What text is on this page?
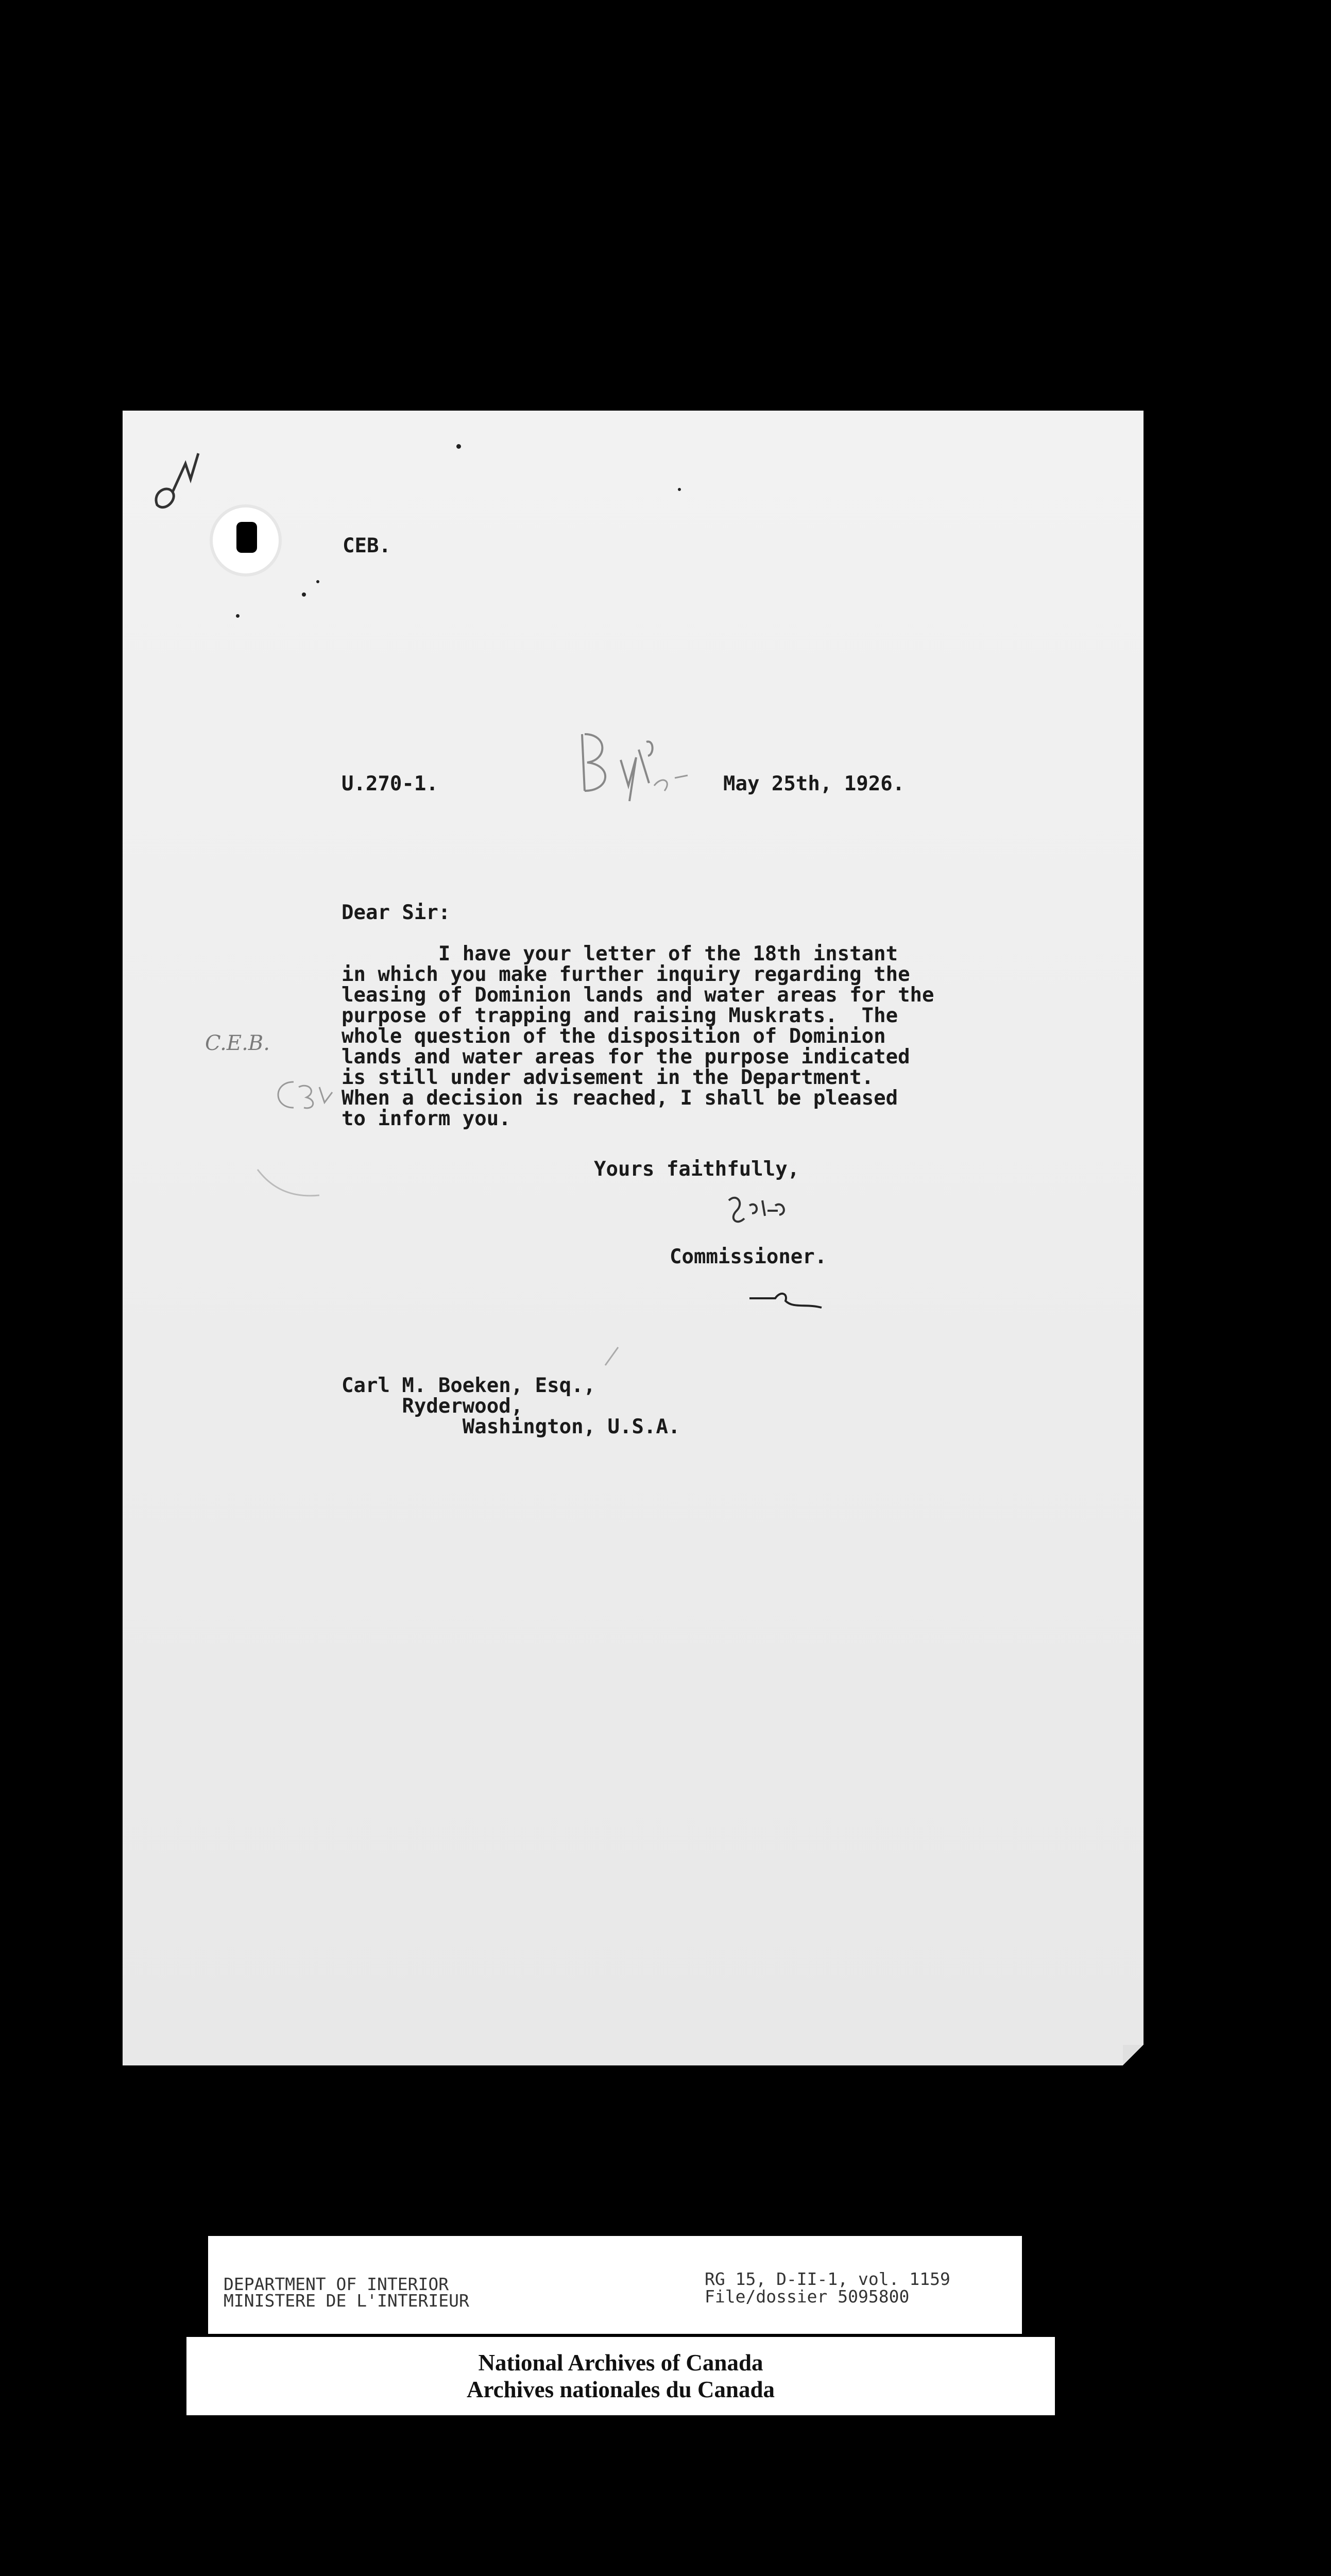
CEB.
U.270-1.	May 25th, 1926.
Dear Sir:
I have your letter of the 18th instant
in which you make further inquiry regarding the
leasing of Dominion lands and water areas for the
purpose of trapping and raising Muskrats.  The
whole question of the disposition of Dominion
lands and water areas for the purpose indicated
is still under advisement in the Department.
When a decision is reached, I shall be pleased
to inform you.
C.E.B.
Yours faithfully,
Commissioner.
Carl M. Boeken, Esq.,
Ryderwood,
Washington, U.S.A.
DEPARTMENT OF INTERIOR
MINISTERE DE L'INTERIEUR
RG 15, D-II-1, vol. 1159
File/dossier 5095800
National Archives of Canada
Archives nationales du Canada
